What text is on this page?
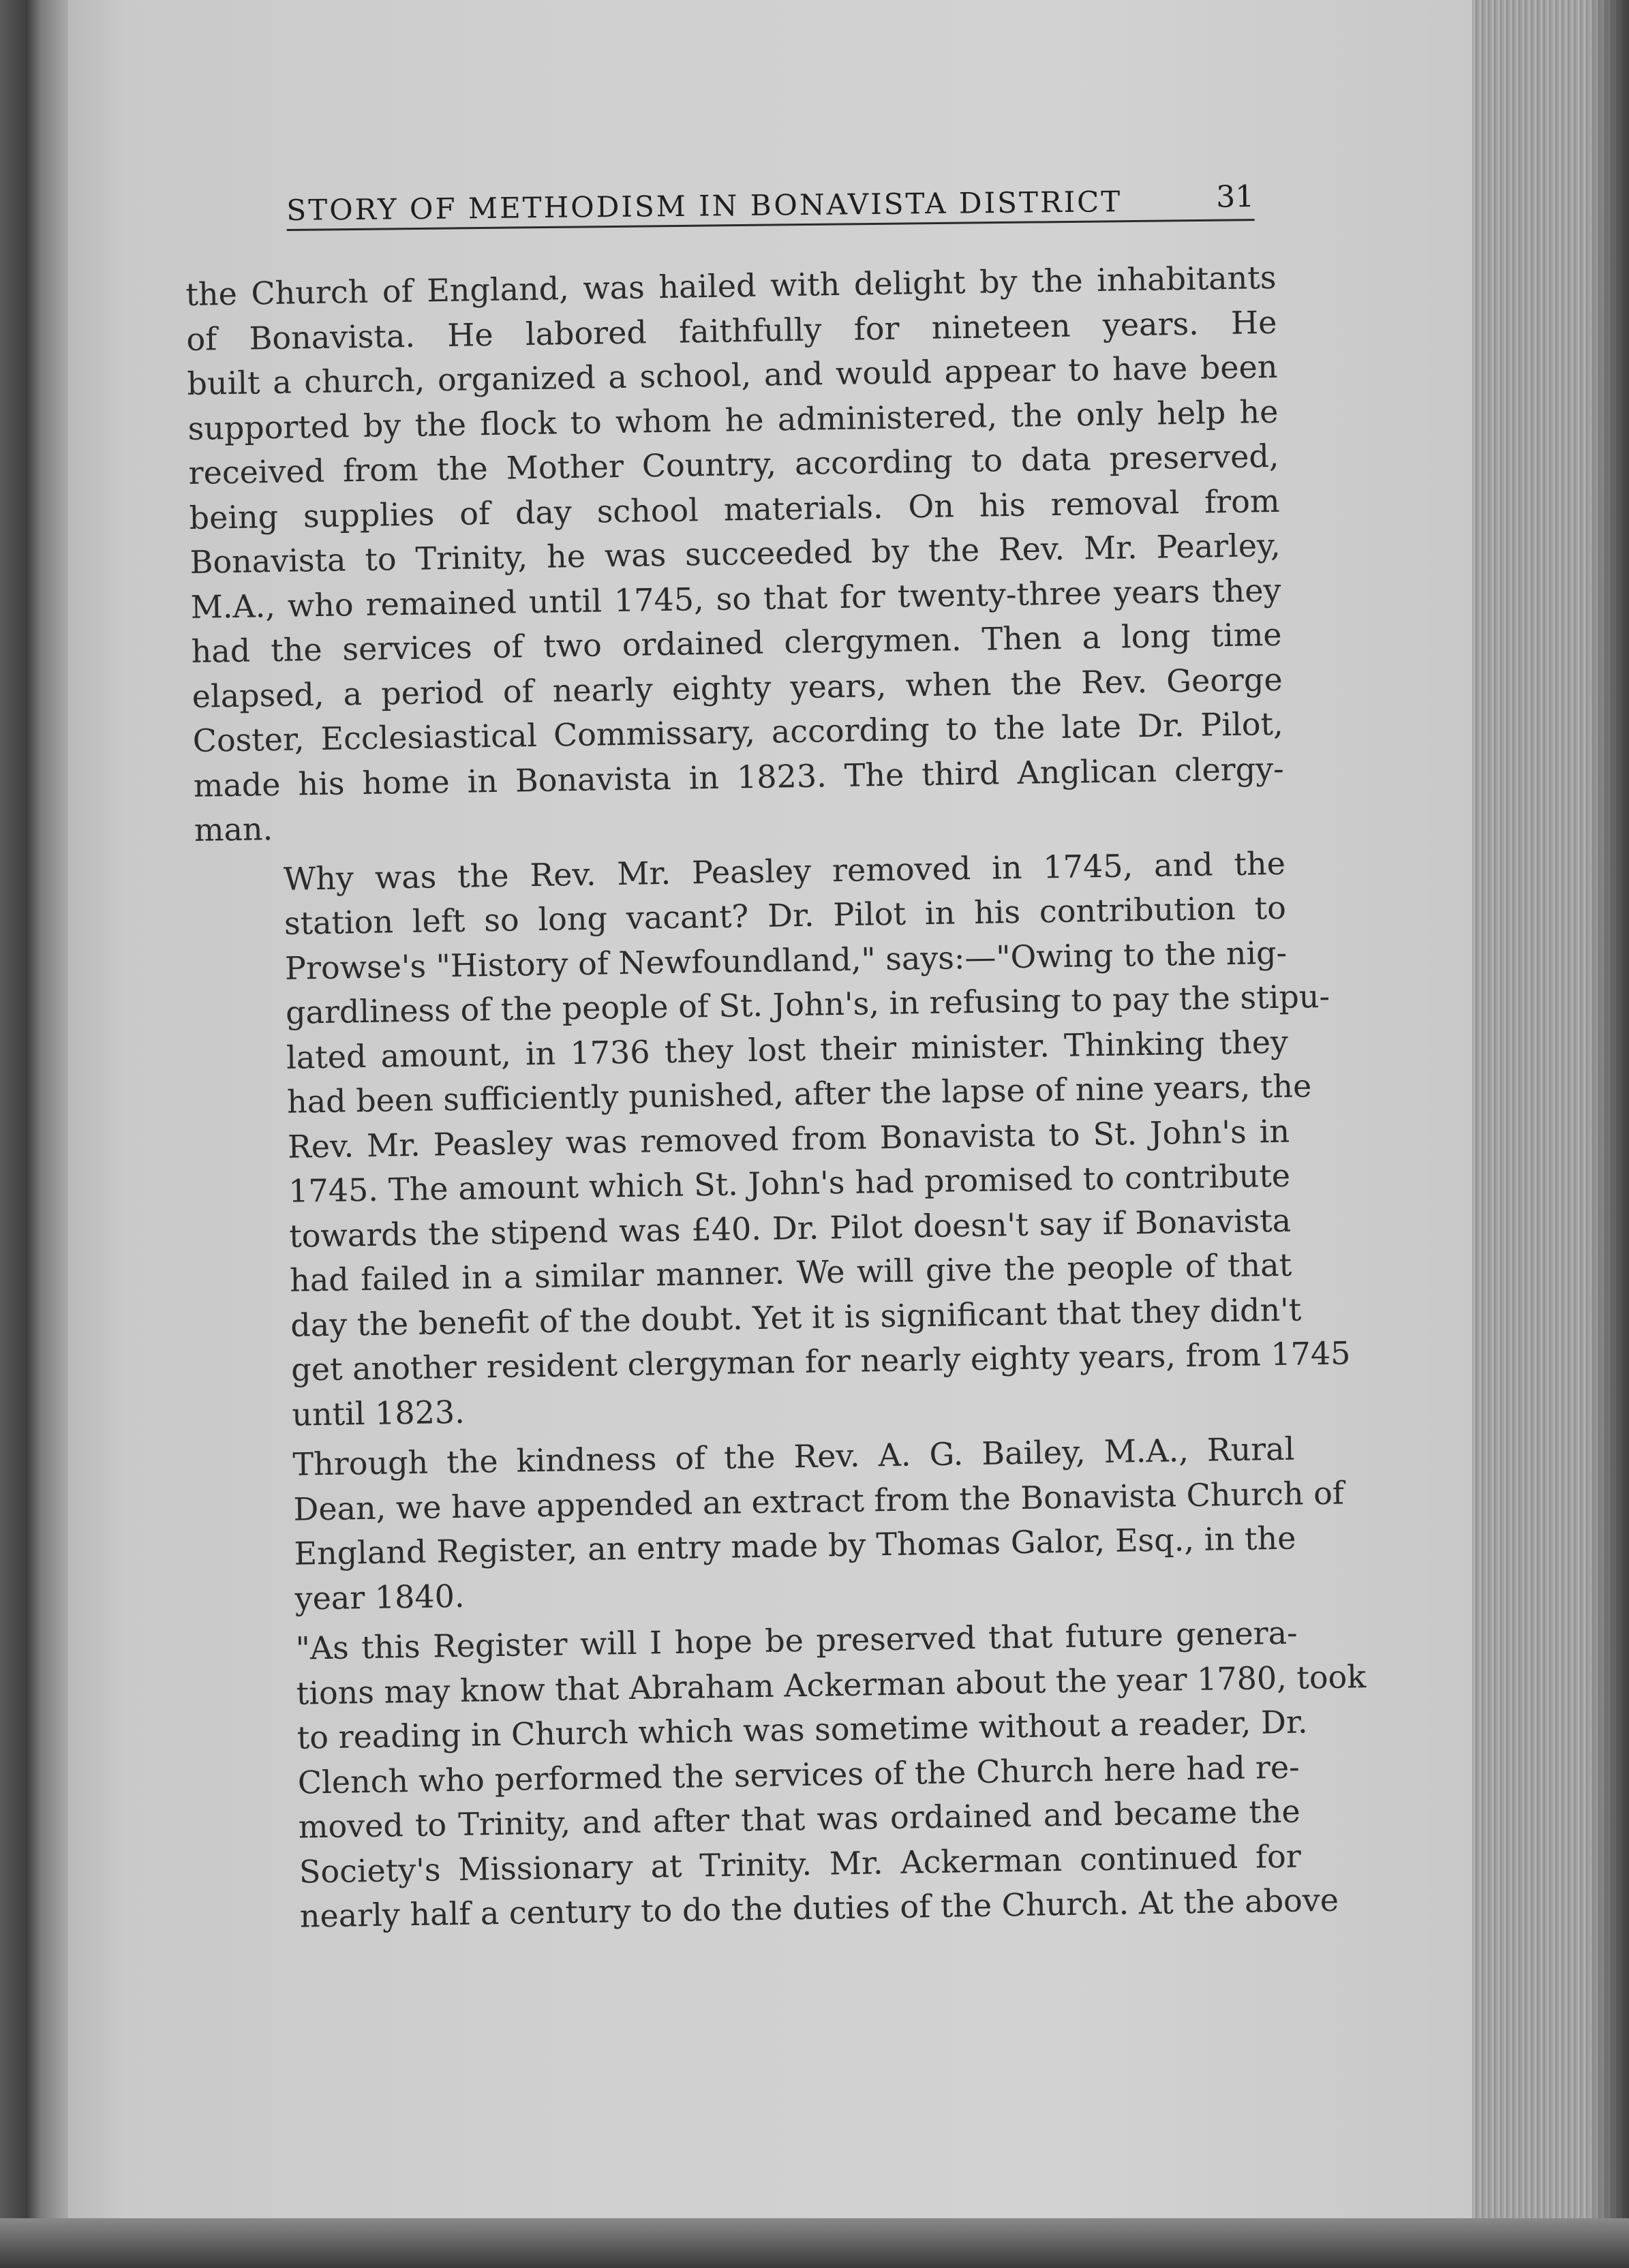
STORY OF METHODISM IN BONAVISTA DISTRICT	31

the Church of England, was hailed with delight by the inhabitants
of Bonavista. He labored faithfully for nineteen years. He
built a church, organized a school, and would appear to have been
supported by the flock to whom he administered, the only help he
received from the Mother Country, according to data preserved,
being supplies of day school materials. On his removal from
Bonavista to Trinity, he was succeeded by the Rev. Mr. Pearley,
M.A., who remained until 1745, so that for twenty-three years they
had the services of two ordained clergymen. Then a long time
elapsed, a period of nearly eighty years, when the Rev. George
Coster, Ecclesiastical Commissary, according to the late Dr. Pilot,
made his home in Bonavista in 1823. The third Anglican clergy-
man.

Why was the Rev. Mr. Peasley removed in 1745, and the
station left so long vacant? Dr. Pilot in his contribution to
Prowse's "History of Newfoundland," says:—"Owing to the nig-
gardliness of the people of St. John's, in refusing to pay the stipu-
lated amount, in 1736 they lost their minister. Thinking they
had been sufficiently punished, after the lapse of nine years, the
Rev. Mr. Peasley was removed from Bonavista to St. John's in
1745. The amount which St. John's had promised to contribute
towards the stipend was £40. Dr. Pilot doesn't say if Bonavista
had failed in a similar manner. We will give the people of that
day the benefit of the doubt. Yet it is significant that they didn't
get another resident clergyman for nearly eighty years, from 1745
until 1823.

Through the kindness of the Rev. A. G. Bailey, M.A., Rural
Dean, we have appended an extract from the Bonavista Church of
England Register, an entry made by Thomas Galor, Esq., in the
year 1840.

"As this Register will I hope be preserved that future genera-
tions may know that Abraham Ackerman about the year 1780, took
to reading in Church which was sometime without a reader, Dr.
Clench who performed the services of the Church here had re-
moved to Trinity, and after that was ordained and became the
Society's Missionary at Trinity. Mr. Ackerman continued for
nearly half a century to do the duties of the Church. At the above
